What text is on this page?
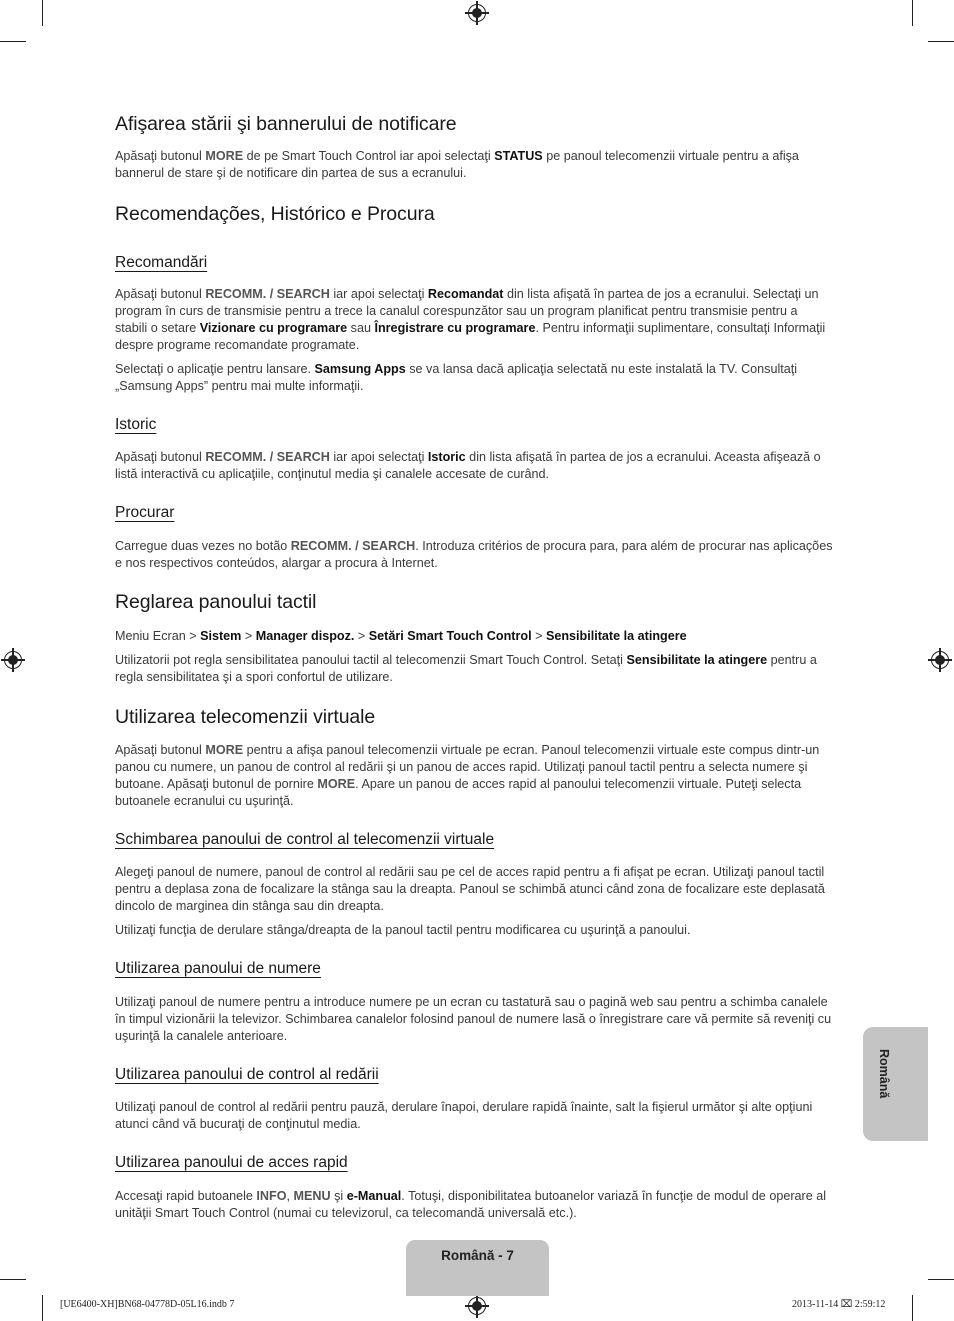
Afişarea stării şi bannerului de notificare

Apăsaţi butonul MORE de pe Smart Touch Control iar apoi selectaţi STATUS pe panoul telecomenzii virtuale pentru a afişa bannerul de stare şi de notificare din partea de sus a ecranului.

Recomendações, Histórico e Procura
Recomandări

Apăsaţi butonul RECOMM. / SEARCH iar apoi selectaţi Recomandat din lista afişată în partea de jos a ecranului. Selectaţi un program în curs de transmisie pentru a trece la canalul corespunzător sau un program planificat pentru transmisie pentru a stabili o setare Vizionare cu programare sau Înregistrare cu programare. Pentru informaţii suplimentare, consultaţi Informaţii despre programe recomandate programate.

Selectaţi o aplicaţie pentru lansare. Samsung Apps se va lansa dacă aplicaţia selectată nu este instalată la TV. Consultaţi „Samsung Apps” pentru mai multe informaţii.

Istoric

Apăsaţi butonul RECOMM. / SEARCH iar apoi selectaţi Istoric din lista afişată în partea de jos a ecranului. Aceasta afişează o listă interactivă cu aplicaţiile, conţinutul media şi canalele accesate de curând.

Procurar

Carregue duas vezes no botão RECOMM. / SEARCH. Introduza critérios de procura para, para além de procurar nas aplicações e nos respectivos conteúdos, alargar a procura à Internet.

Reglarea panoului tactil

Meniu Ecran > Sistem > Manager dispoz. > Setări Smart Touch Control > Sensibilitate la atingere

Utilizatorii pot regla sensibilitatea panoului tactil al telecomenzii Smart Touch Control. Setaţi Sensibilitate la atingere pentru a regla sensibilitatea şi a spori confortul de utilizare.

Utilizarea telecomenzii virtuale

Apăsaţi butonul MORE pentru a afişa panoul telecomenzii virtuale pe ecran. Panoul telecomenzii virtuale este compus dintr-un panou cu numere, un panou de control al redării şi un panou de acces rapid. Utilizaţi panoul tactil pentru a selecta numere şi butoane. Apăsaţi butonul de pornire MORE. Apare un panou de acces rapid al panoului telecomenzii virtuale. Puteţi selecta butoanele ecranului cu uşurinţă.

Schimbarea panoului de control al telecomenzii virtuale

Alegeţi panoul de numere, panoul de control al redării sau pe cel de acces rapid pentru a fi afişat pe ecran. Utilizaţi panoul tactil pentru a deplasa zona de focalizare la stânga sau la dreapta. Panoul se schimbă atunci când zona de focalizare este deplasată dincolo de marginea din stânga sau din dreapta.

Utilizaţi funcţia de derulare stânga/dreapta de la panoul tactil pentru modificarea cu uşurinţă a panoului.

Utilizarea panoului de numere

Utilizaţi panoul de numere pentru a introduce numere pe un ecran cu tastatură sau o pagină web sau pentru a schimba canalele în timpul vizionării la televizor. Schimbarea canalelor folosind panoul de numere lasă o înregistrare care vă permite să reveniţi cu uşurinţă la canalele anterioare.

Utilizarea panoului de control al redării

Utilizaţi panoul de control al redării pentru pauză, derulare înapoi, derulare rapidă înainte, salt la fişierul următor şi alte opţiuni atunci când vă bucuraţi de conţinutul media.

Utilizarea panoului de acces rapid

Accesaţi rapid butoanele INFO, MENU şi e-Manual. Totuşi, disponibilitatea butoanelor variază în funcţie de modul de operare al unităţii Smart Touch Control (numai cu televizorul, ca telecomandă universală etc.).

Română
Română - 7
[UE6400-XH]BN68-04778D-05L16.indb 7	2013-11-14 ⌧ 2:59:12
